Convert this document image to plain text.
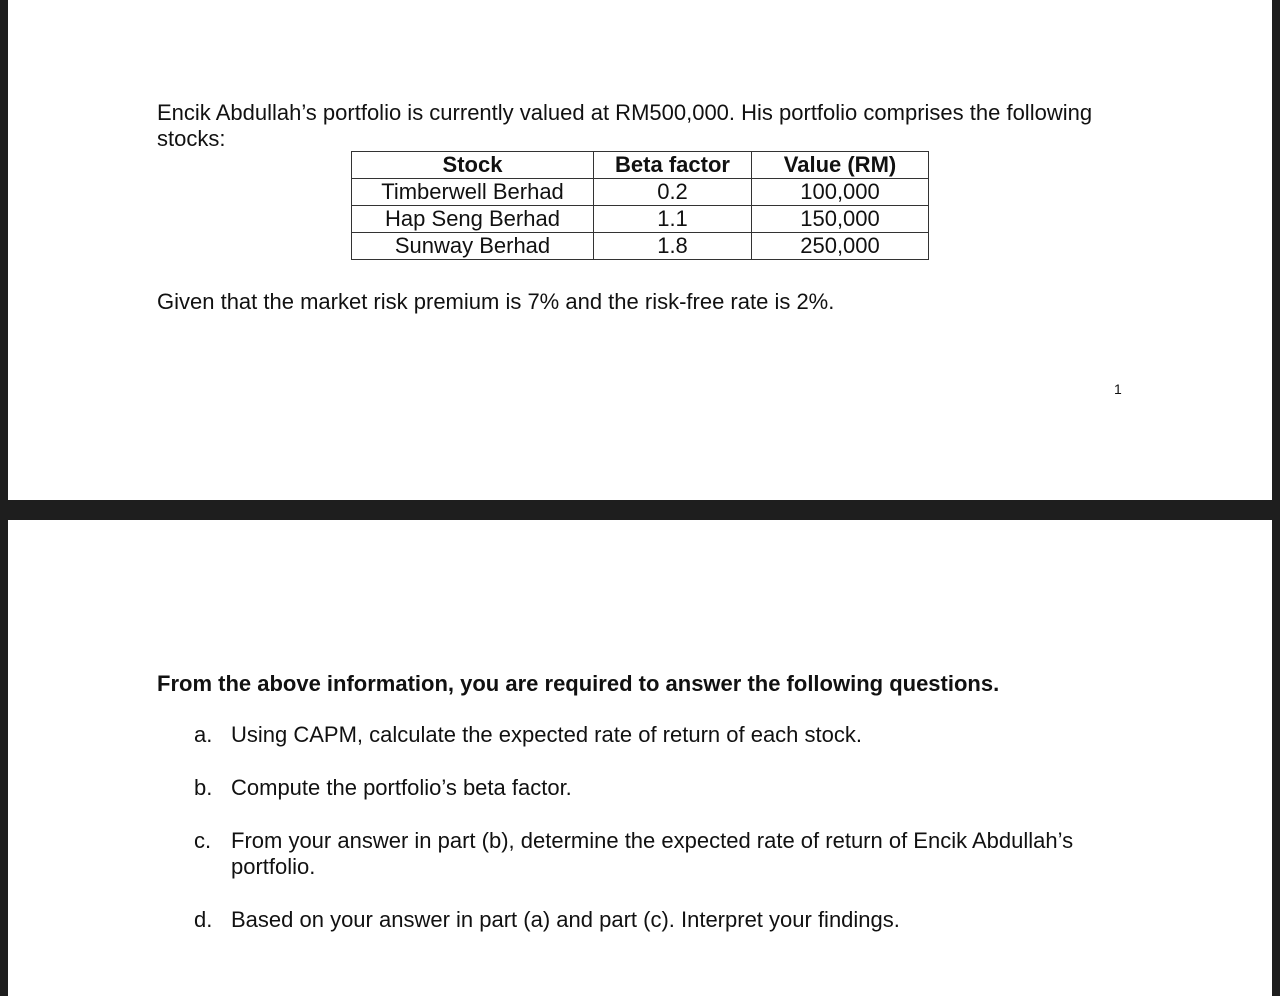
Encik Abdullah’s portfolio is currently valued at RM500,000. His portfolio comprises the following stocks:

Stock	Beta factor	Value (RM)
Timberwell Berhad	0.2	100,000
Hap Seng Berhad	1.1	150,000
Sunway Berhad	1.8	250,000

Given that the market risk premium is 7% and the risk-free rate is 2%.

1

From the above information, you are required to answer the following questions.

a. Using CAPM, calculate the expected rate of return of each stock.
b. Compute the portfolio’s beta factor.
c. From your answer in part (b), determine the expected rate of return of Encik Abdullah’s portfolio.
d. Based on your answer in part (a) and part (c). Interpret your findings.
